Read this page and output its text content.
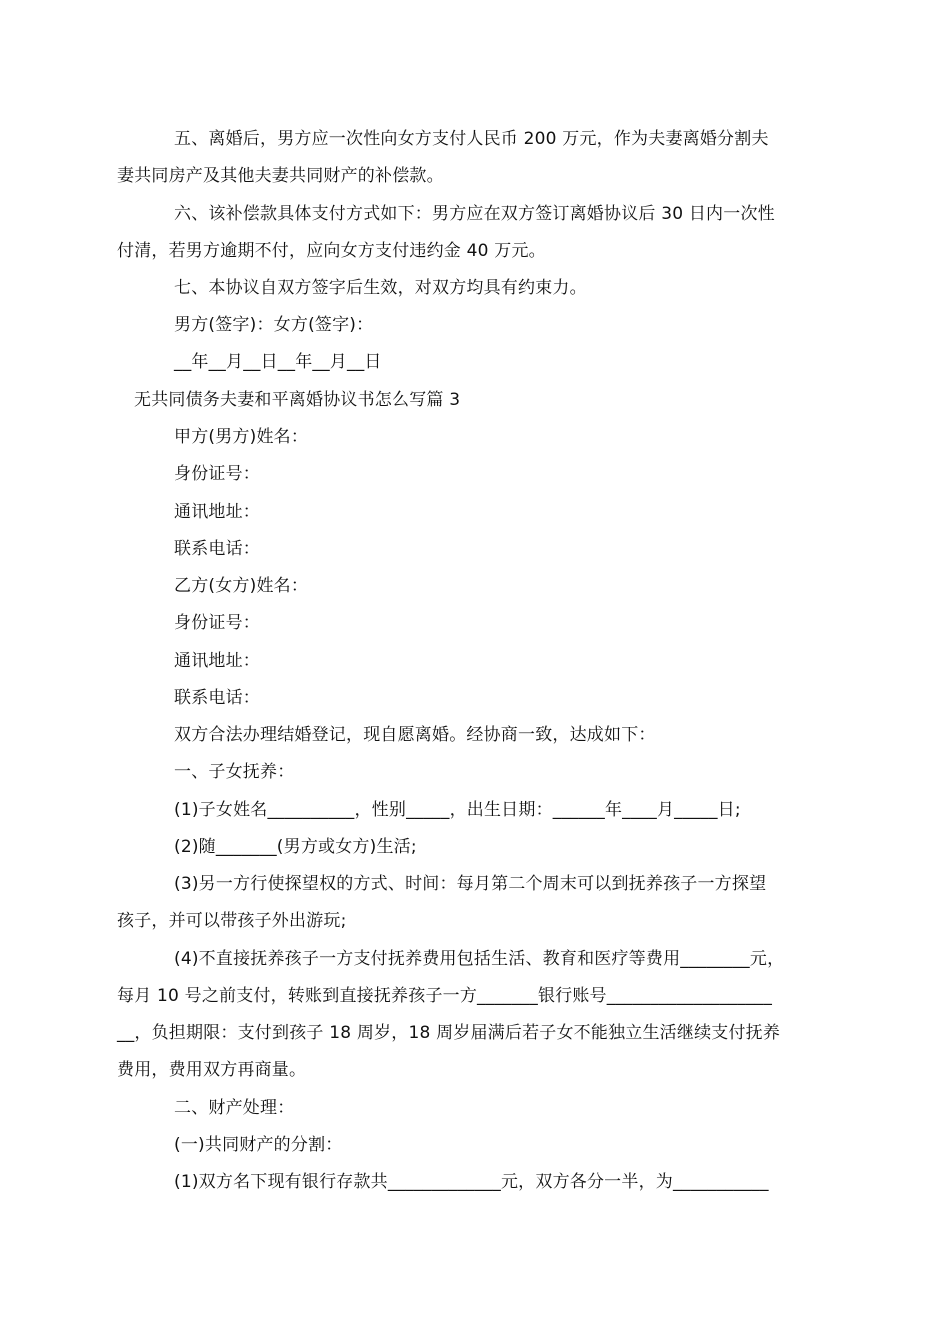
五、离婚后，男方应一次性向女方支付人民币 200 万元，作为夫妻离婚分割夫
妻共同房产及其他夫妻共同财产的补偿款。
六、该补偿款具体支付方式如下：男方应在双方签订离婚协议后 30 日内一次性
付清，若男方逾期不付，应向女方支付违约金 40 万元。
七、本协议自双方签字后生效，对双方均具有约束力。
男方(签字)：女方(签字)：
__年__月__日__年__月__日
无共同债务夫妻和平离婚协议书怎么写篇 3
甲方(男方)姓名：
身份证号：
通讯地址：
联系电话：
乙方(女方)姓名：
身份证号：
通讯地址：
联系电话：
双方合法办理结婚登记，现自愿离婚。经协商一致，达成如下：
一、子女抚养：
(1)子女姓名__________，性别_____，出生日期：______年____月_____日;
(2)随_______(男方或女方)生活;
(3)另一方行使探望权的方式、时间：每月第二个周末可以到抚养孩子一方探望
孩子，并可以带孩子外出游玩;
(4)不直接抚养孩子一方支付抚养费用包括生活、教育和医疗等费用________元，
每月 10 号之前支付，转账到直接抚养孩子一方_______银行账号___________________
__，负担期限：支付到孩子 18 周岁，18 周岁届满后若子女不能独立生活继续支付抚养
费用，费用双方再商量。
二、财产处理：
(一)共同财产的分割：
(1)双方名下现有银行存款共_____________元，双方各分一半，为___________
